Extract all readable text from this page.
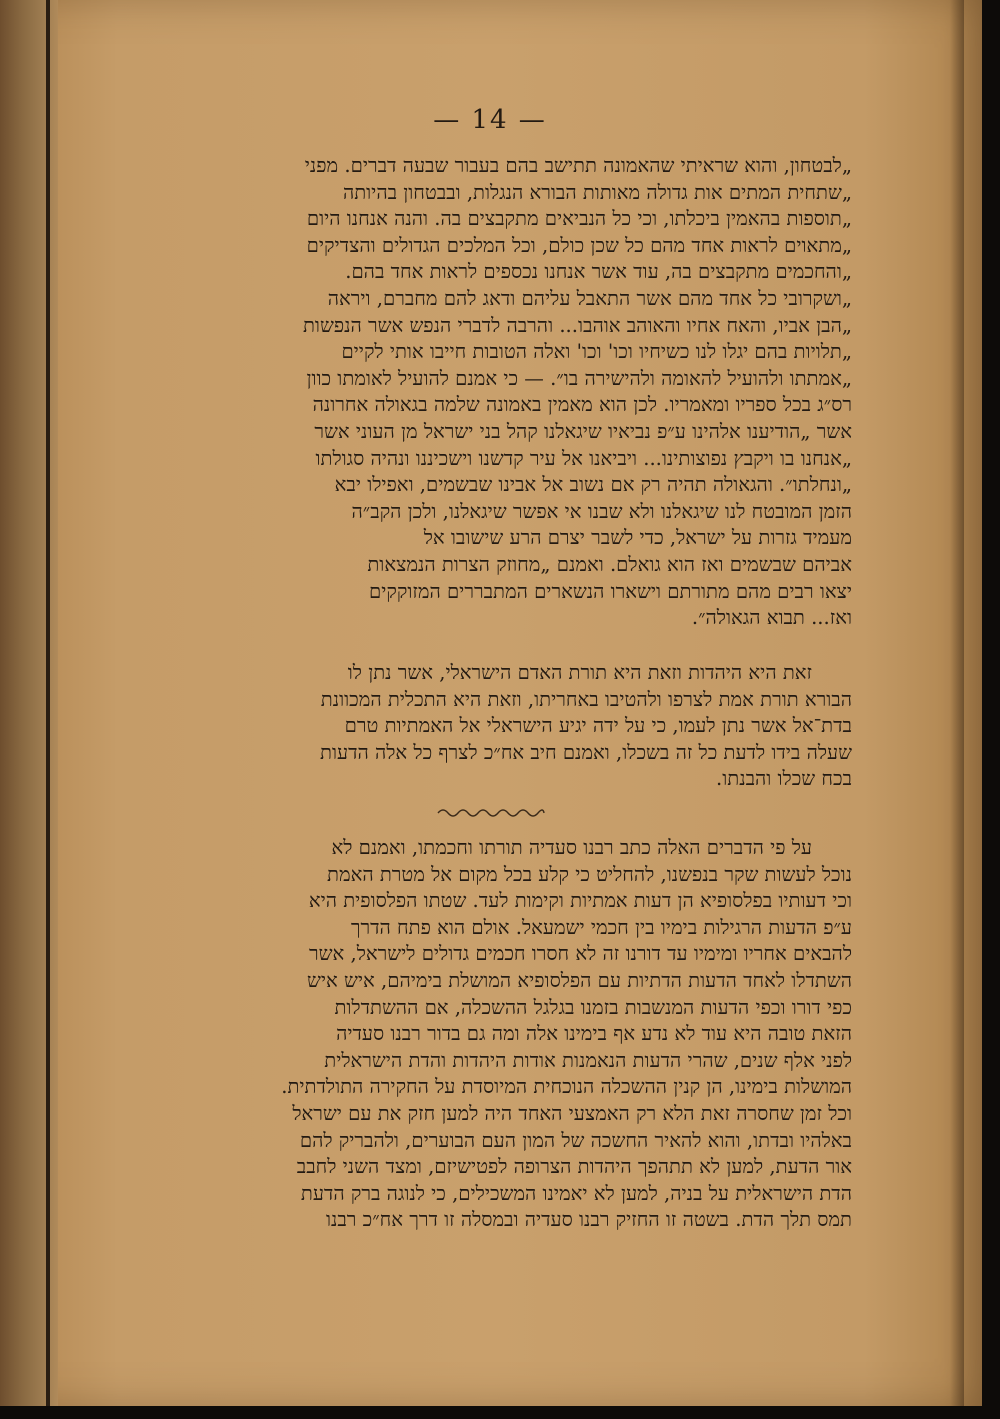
— 14 —
„לבטחון, והוא שראיתי שהאמונה תתישב בהם בעבור שבעה דברים. מפני
„שתחית המתים אות גדולה מאותות הבורא הנגלות, ובבטחון בהיותה
„תוספות בהאמין ביכלתו, וכי כל הנביאים מתקבצים בה. והנה אנחנו היום
„מתאוים לראות אחד מהם כל שכן כולם, וכל המלכים הגדולים והצדיקים
„והחכמים מתקבצים בה, עוד אשר אנחנו נכספים לראות אחד בהם.
„ושקרובי כל אחד מהם אשר התאבל עליהם ודאג להם מחברם, ויראה
„הבן אביו, והאח אחיו והאוהב אוהבו... והרבה לדברי הנפש אשר הנפשות
„תלויות בהם יגלו לנו כשיחיו וכו' וכו' ואלה הטובות חייבו אותי לקיים
„אמתתו ולהועיל להאומה ולהישירה בו״. — כי אמנם להועיל לאומתו כוון
רס״ג בכל ספריו ומאמריו. לכן הוא מאמין באמונה שלמה בגאולה אחרונה
אשר „הודיענו אלהינו ע״פ נביאיו שיגאלנו קהל בני ישראל מן העוני אשר
„אנחנו בו ויקבץ נפוצותינו... ויביאנו אל עיר קדשנו וישכיננו ונהיה סגולתו
„ונחלתו״. והגאולה תהיה רק אם נשוב אל אבינו שבשמים, ואפילו יבא
הזמן המובטח לנו שיגאלנו ולא שבנו אי אפשר שיגאלנו, ולכן הקב״ה
מעמיד גזרות על ישראל, כדי לשבר יצרם הרע שישובו אל
אביהם שבשמים ואז הוא גואלם. ואמנם „מחוזק הצרות הנמצאות
יצאו רבים מהם מתורתם וישארו הנשארים המתבררים המזוקקים
ואז... תבוא הגאולה״.
זאת היא היהדות וזאת היא תורת האדם הישראלי, אשר נתן לו
הבורא תורת אמת לצרפו ולהטיבו באחריתו, וזאת היא התכלית המכוונת
בדת־אל אשר נתן לעמו, כי על ידה יגיע הישראלי אל האמתיות טרם
שעלה בידו לדעת כל זה בשכלו, ואמנם חיב אח״כ לצרף כל אלה הדעות
בכח שכלו והבנתו.
על פי הדברים האלה כתב רבנו סעדיה תורתו וחכמתו, ואמנם לא
נוכל לעשות שקר בנפשנו, להחליט כי קלע בכל מקום אל מטרת האמת
וכי דעותיו בפלסופיא הן דעות אמתיות וקימות לעד. שטתו הפלסופית היא
ע״פ הדעות הרגילות בימיו בין חכמי ישמעאל. אולם הוא פתח הדרך
להבאים אחריו ומימיו עד דורנו זה לא חסרו חכמים גדולים לישראל, אשר
השתדלו לאחד הדעות הדתיות עם הפלסופיא המושלת בימיהם, איש איש
כפי דורו וכפי הדעות המנשבות בזמנו בגלגל ההשכלה, אם ההשתדלות
הזאת טובה היא עוד לא נדע אף בימינו אלה ומה גם בדור רבנו סעדיה
לפני אלף שנים, שהרי הדעות הנאמנות אודות היהדות והדת הישראלית
המושלות בימינו, הן קנין ההשכלה הנוכחית המיוסדת על החקירה התולדתית.
וכל זמן שחסרה זאת הלא רק האמצעי האחד היה למען חזק את עם ישראל
באלהיו ובדתו, והוא להאיר החשכה של המון העם הבוערים, ולהבריק להם
אור הדעת, למען לא תתהפך היהדות הצרופה לפטישיזם, ומצד השני לחבב
הדת הישראלית על בניה, למען לא יאמינו המשכילים, כי לנוגה ברק הדעת
תמס תלך הדת. בשטה זו החזיק רבנו סעדיה ובמסלה זו דרך אח״כ רבנו
